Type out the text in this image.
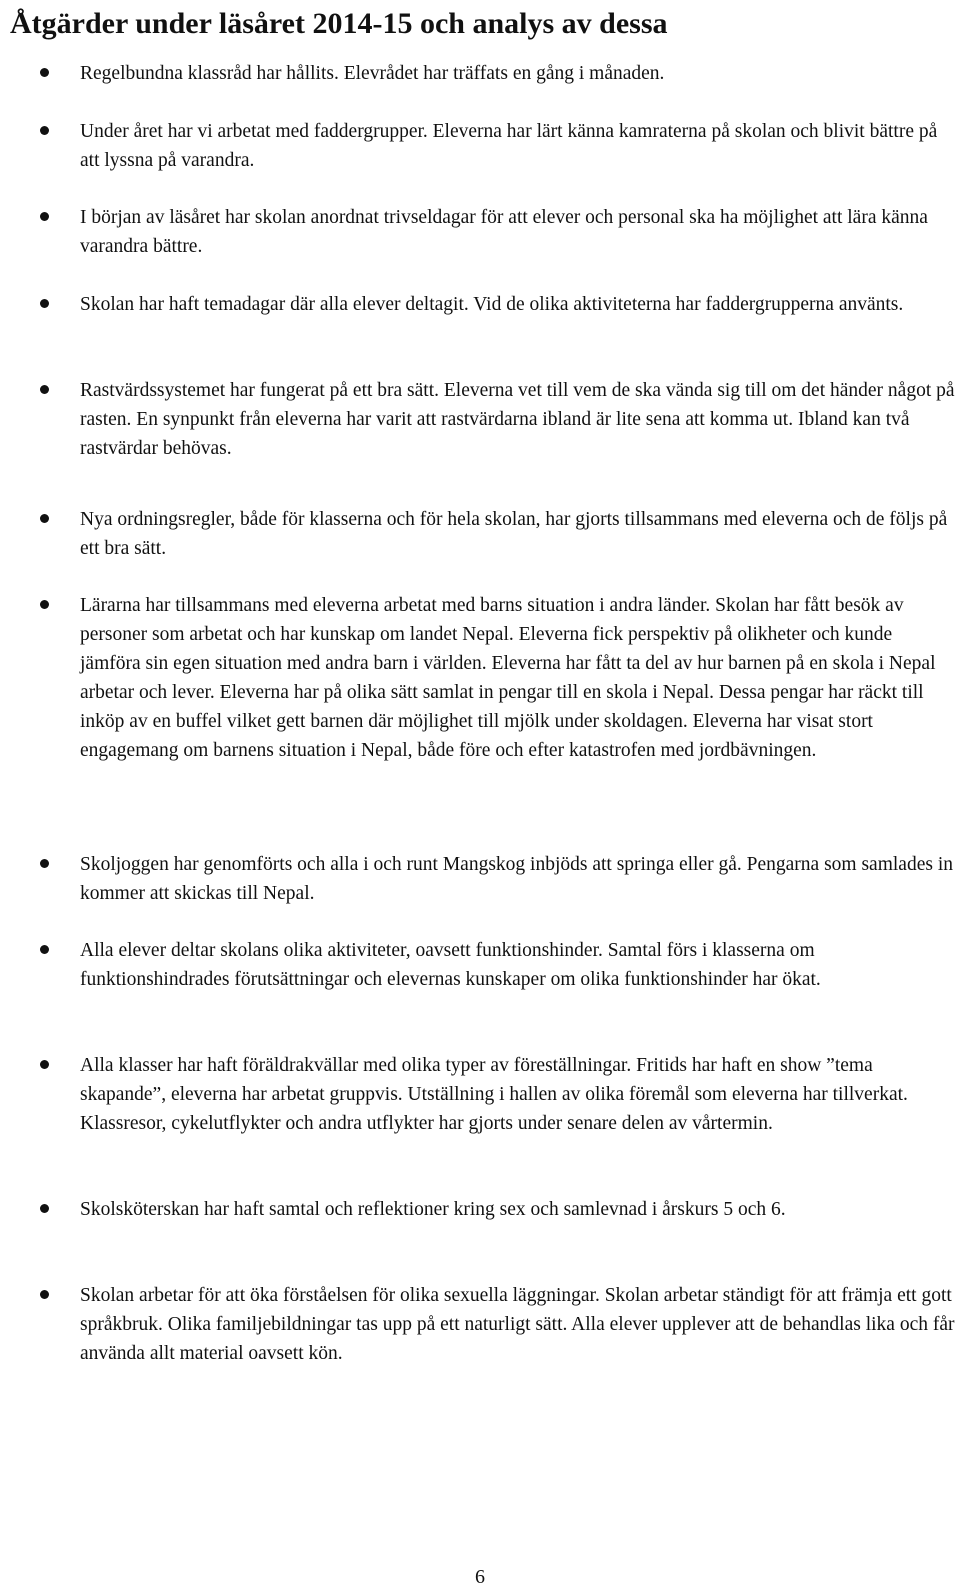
Åtgärder under läsåret 2014-15 och analys av dessa
Regelbundna klassråd har hållits. Elevrådet har träffats en gång i månaden.
Under året har vi arbetat med faddergrupper. Eleverna har lärt känna kamraterna på skolan och blivit bättre på att lyssna på varandra.
I början av läsåret har skolan anordnat trivseldagar för att elever och personal ska ha möjlighet att lära känna varandra bättre.
Skolan har haft temadagar där alla elever deltagit. Vid de olika aktiviteterna har faddergrupperna använts.
Rastvärdssystemet har fungerat på ett bra sätt. Eleverna vet till vem de ska vända sig till om det händer något på rasten. En synpunkt från eleverna har varit att rastvärdarna ibland är lite sena att komma ut. Ibland kan två rastvärdar behövas.
Nya ordningsregler, både för klasserna och för hela skolan, har gjorts tillsammans med eleverna och de följs på ett bra sätt.
Lärarna har tillsammans med eleverna arbetat med barns situation i andra länder. Skolan har fått besök av personer som arbetat och har kunskap om landet Nepal. Eleverna fick perspektiv på olikheter och kunde jämföra sin egen situation med andra barn i världen. Eleverna har fått ta del av hur barnen på en skola i Nepal arbetar och lever. Eleverna har på olika sätt samlat in pengar till en skola i Nepal. Dessa pengar har räckt till inköp av en buffel vilket gett barnen där möjlighet till mjölk under skoldagen. Eleverna har visat stort engagemang om barnens situation i Nepal, både före och efter katastrofen med jordbävningen.
Skoljoggen har genomförts och alla i och runt Mangskog inbjöds att springa eller gå. Pengarna som samlades in kommer att skickas till Nepal.
Alla elever deltar skolans olika aktiviteter, oavsett funktionshinder. Samtal förs i klasserna om funktionshindrades förutsättningar och elevernas kunskaper om olika funktionshinder har ökat.
Alla klasser har haft föräldrakvällar med olika typer av föreställningar. Fritids har haft en show ”tema skapande”, eleverna har arbetat gruppvis. Utställning i hallen av olika föremål som eleverna har tillverkat. Klassresor, cykelutflykter och andra utflykter har gjorts under senare delen av vårtermin.
Skolsköterskan har haft samtal och reflektioner kring sex och samlevnad i årskurs 5 och 6.
Skolan arbetar för att öka förståelsen för olika sexuella läggningar. Skolan arbetar ständigt för att främja ett gott språkbruk. Olika familjebildningar tas upp på ett naturligt sätt. Alla elever upplever att de behandlas lika och får använda allt material oavsett kön.
6
